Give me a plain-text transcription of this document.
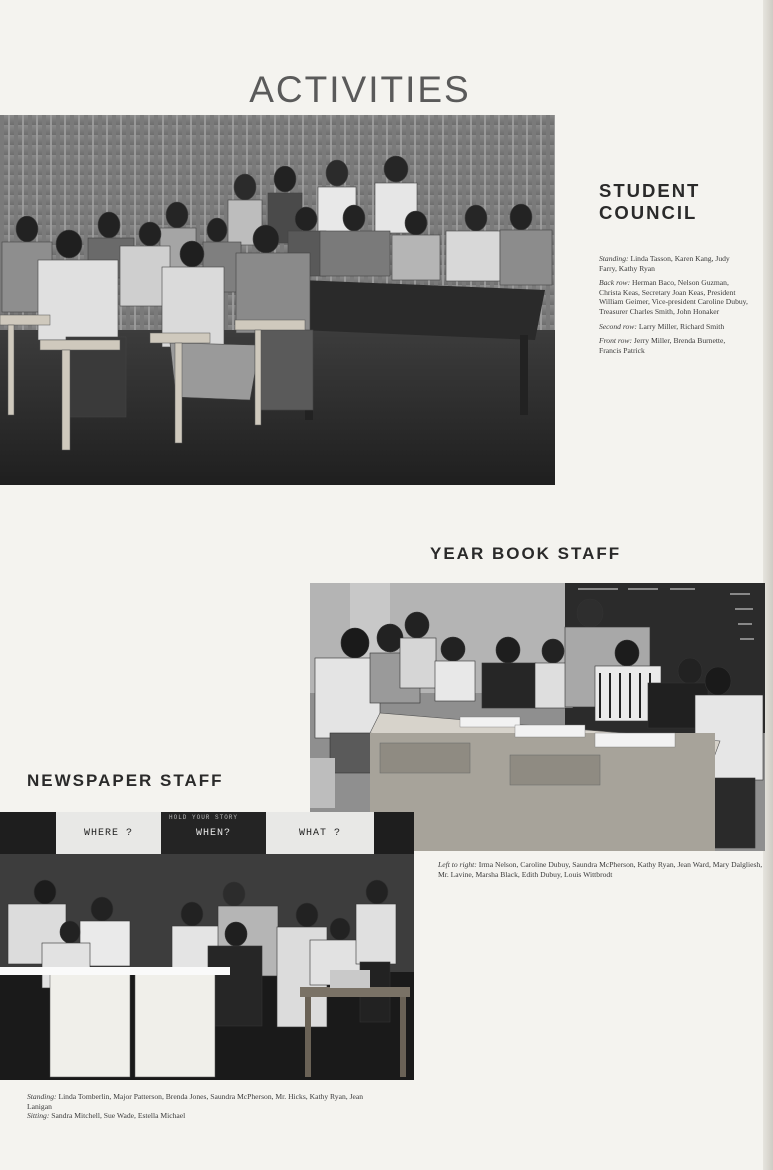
ACTIVITIES
STUDENT
COUNCIL

Standing: Linda Tasson, Karen Kang, Judy Farry, Kathy Ryan

Back row: Herman Baco, Nelson Guzman, Christa Keas, Secretary Joan Keas, President William Geimer, Vice-president Caroline Dubuy, Treasurer Charles Smith, John Honaker

Second row: Larry Miller, Richard Smith

Front row: Jerry Miller, Brenda Burnette, Francis Patrick

YEAR BOOK STAFF
Left to right: Irma Nelson, Caroline Dubuy, Saundra McPherson, Kathy Ryan, Jean Ward, Mary Dalgliesh, Mr. Lavine, Marsha Black, Edith Dubuy, Louis Wittbrodt
NEWSPAPER STAFF
WHERE ?	WHEN?	WHAT ?
HOLD YOUR STORY
Standing: Linda Tomberlin, Major Patterson, Brenda Jones, Saundra McPherson, Mr. Hicks, Kathy Ryan, Jean Lanigan
Sitting: Sandra Mitchell, Sue Wade, Estella Michael
